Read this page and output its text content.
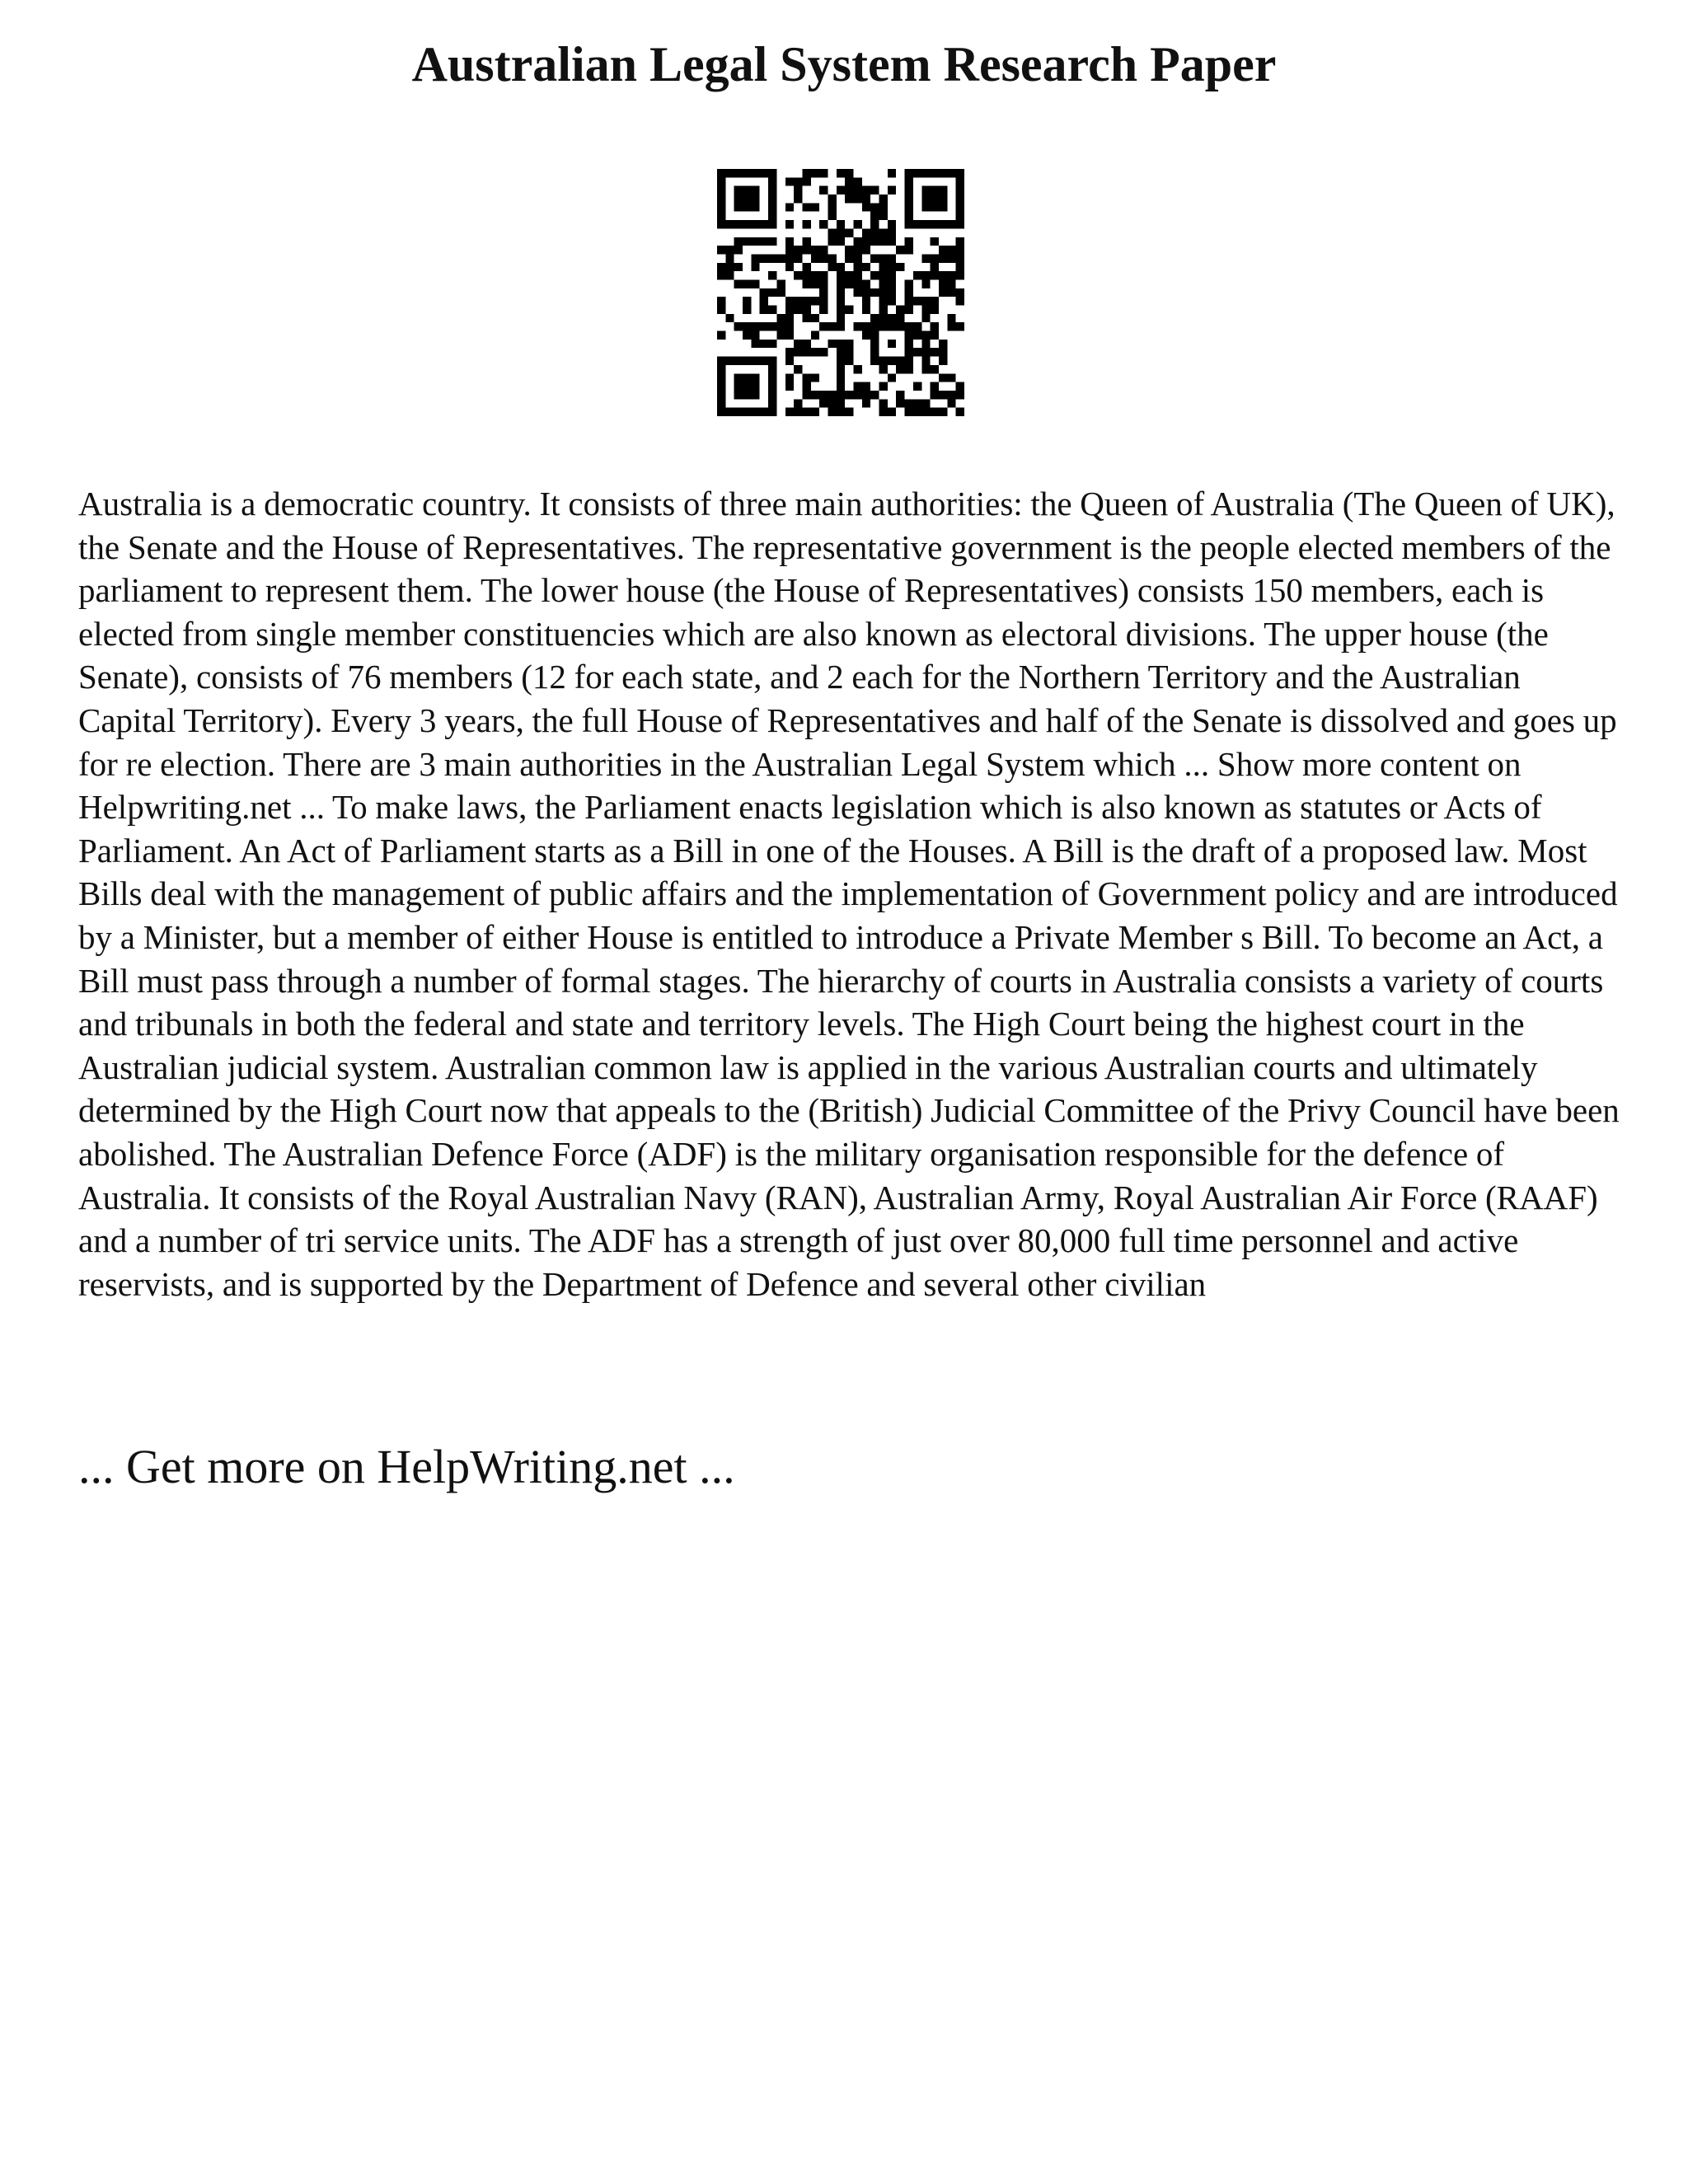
Australian Legal System Research Paper

Australia is a democratic country. It consists of three main authorities: the Queen of Australia (The Queen of UK), the Senate and the House of Representatives. The representative government is the people elected members of the parliament to represent them. The lower house (the House of Representatives) consists 150 members, each is elected from single member constituencies which are also known as electoral divisions. The upper house (the Senate), consists of 76 members (12 for each state, and 2 each for the Northern Territory and the Australian Capital Territory). Every 3 years, the full House of Representatives and half of the Senate is dissolved and goes up for re election. There are 3 main authorities in the Australian Legal System which ... Show more content on Helpwriting.net ... To make laws, the Parliament enacts legislation which is also known as statutes or Acts of Parliament. An Act of Parliament starts as a Bill in one of the Houses. A Bill is the draft of a proposed law. Most Bills deal with the management of public affairs and the implementation of Government policy and are introduced by a Minister, but a member of either House is entitled to introduce a Private Member s Bill. To become an Act, a Bill must pass through a number of formal stages. The hierarchy of courts in Australia consists a variety of courts and tribunals in both the federal and state and territory levels. The High Court being the highest court in the Australian judicial system. Australian common law is applied in the various Australian courts and ultimately determined by the High Court now that appeals to the (British) Judicial Committee of the Privy Council have been abolished. The Australian Defence Force (ADF) is the military organisation responsible for the defence of Australia. It consists of the Royal Australian Navy (RAN), Australian Army, Royal Australian Air Force (RAAF) and a number of tri service units. The ADF has a strength of just over 80,000 full time personnel and active reservists, and is supported by the Department of Defence and several other civilian

... Get more on HelpWriting.net ...
